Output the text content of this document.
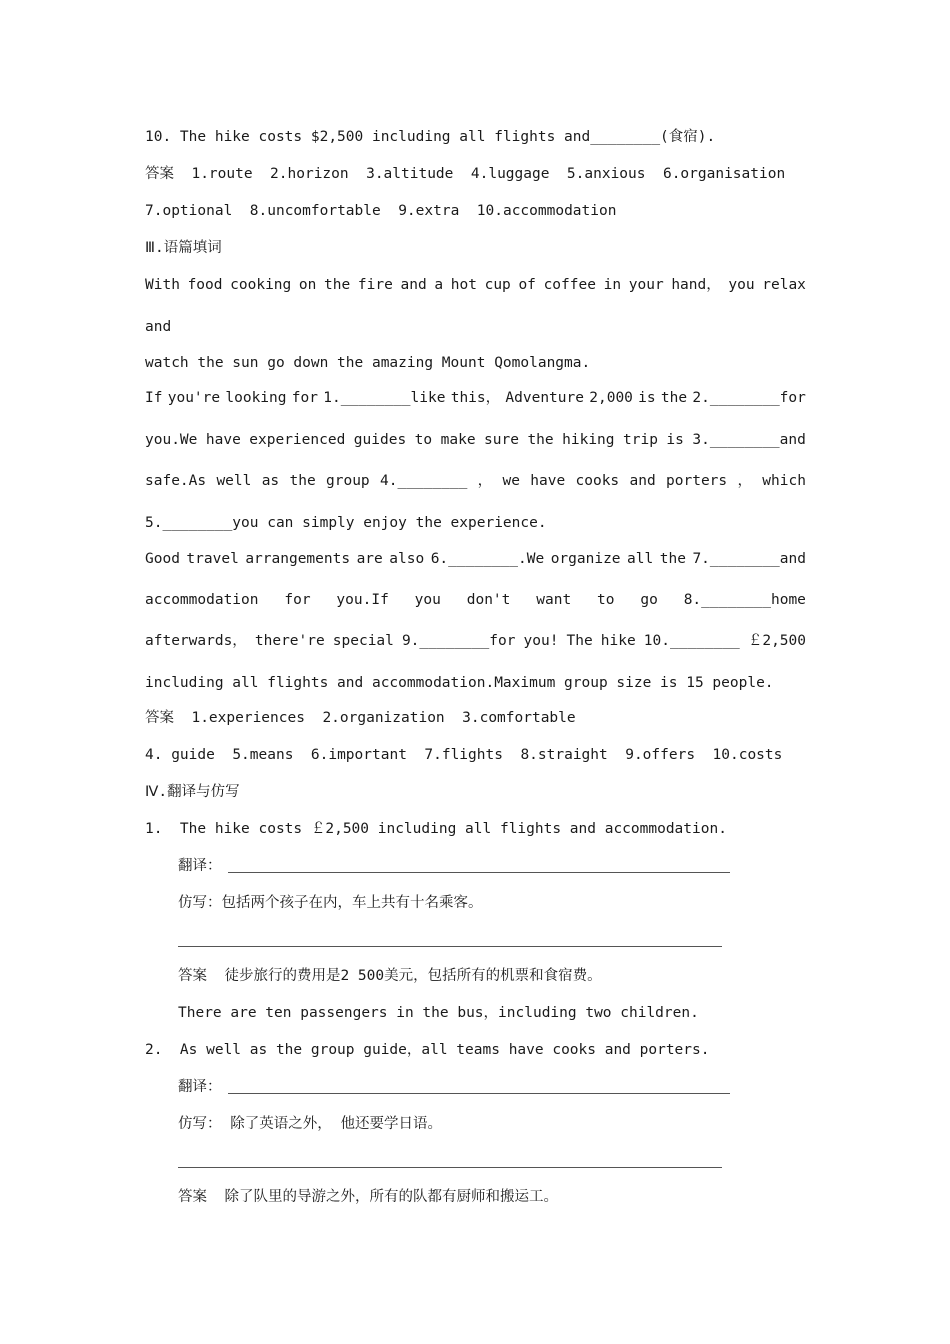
10. The hike costs $2,500 including all flights and________(食宿).
答案 1.route 2.horizon 3.altitude 4.luggage 5.anxious 6.organisation
7.optional 8.uncomfortable 9.extra 10.accommodation
Ⅲ.语篇填词
With food cooking on the fire and a hot cup of coffee in your hand， you relax
and
watch the sun go down the amazing Mount Qomolangma.
If you're looking for 1.________like this， Adventure 2,000 is the 2.________for
you.We have experienced guides to make sure the hiking trip is 3.________and
safe.As well as the group 4.________ ， we have cooks and porters ， which
5.________you can simply enjoy the experience.
Good travel arrangements are also 6.________.We organize all the 7.________and
accommodation for you.If you don't want to go 8.________home
afterwards， there're special 9.________for you! The hike 10.________ ￡2,500
including all flights and accommodation.Maximum group size is 15 people.
答案 1.experiences 2.organization 3.comfortable
4. guide 5.means 6.important 7.flights 8.straight 9.offers 10.costs
Ⅳ.翻译与仿写
1.  The hike costs ￡2,500 including all flights and accommodation.
翻译：
仿写：包括两个孩子在内，车上共有十名乘客。
答案 徒步旅行的费用是2 500美元，包括所有的机票和食宿费。
There are ten passengers in the bus，including two children.
2.  As well as the group guide，all teams have cooks and porters.
翻译：
仿写： 除了英语之外， 他还要学日语。
答案 除了队里的导游之外，所有的队都有厨师和搬运工。
